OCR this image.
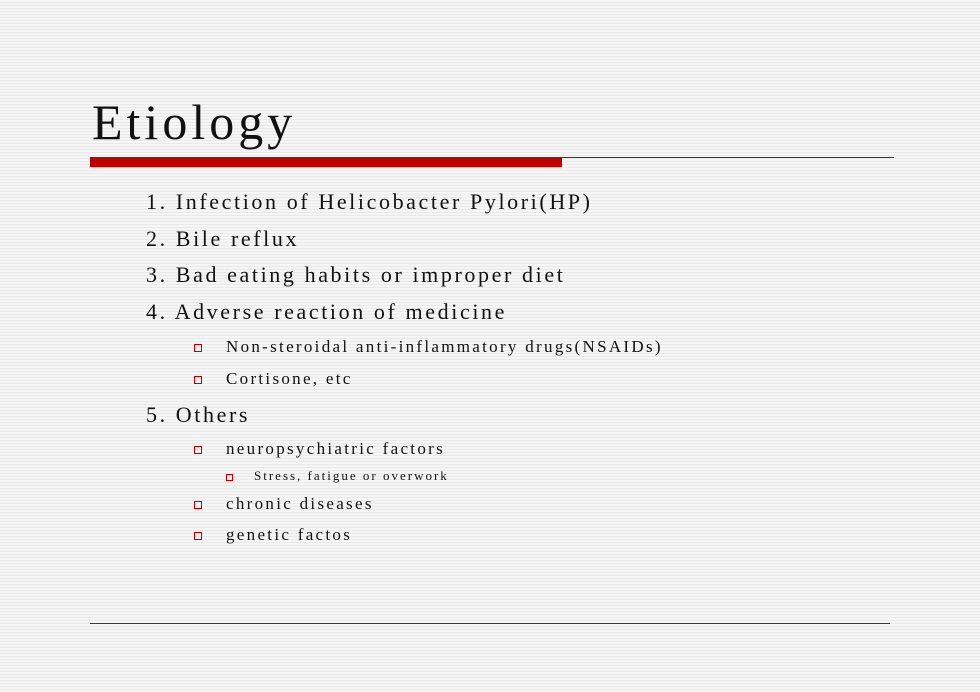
Etiology
1. Infection of Helicobacter Pylori(HP)
2. Bile reflux
3. Bad eating habits or improper diet
4. Adverse reaction of medicine
Non-steroidal anti-inflammatory drugs(NSAIDs)
Cortisone, etc
5. Others
neuropsychiatric factors
Stress, fatigue or overwork
chronic diseases
genetic factos
